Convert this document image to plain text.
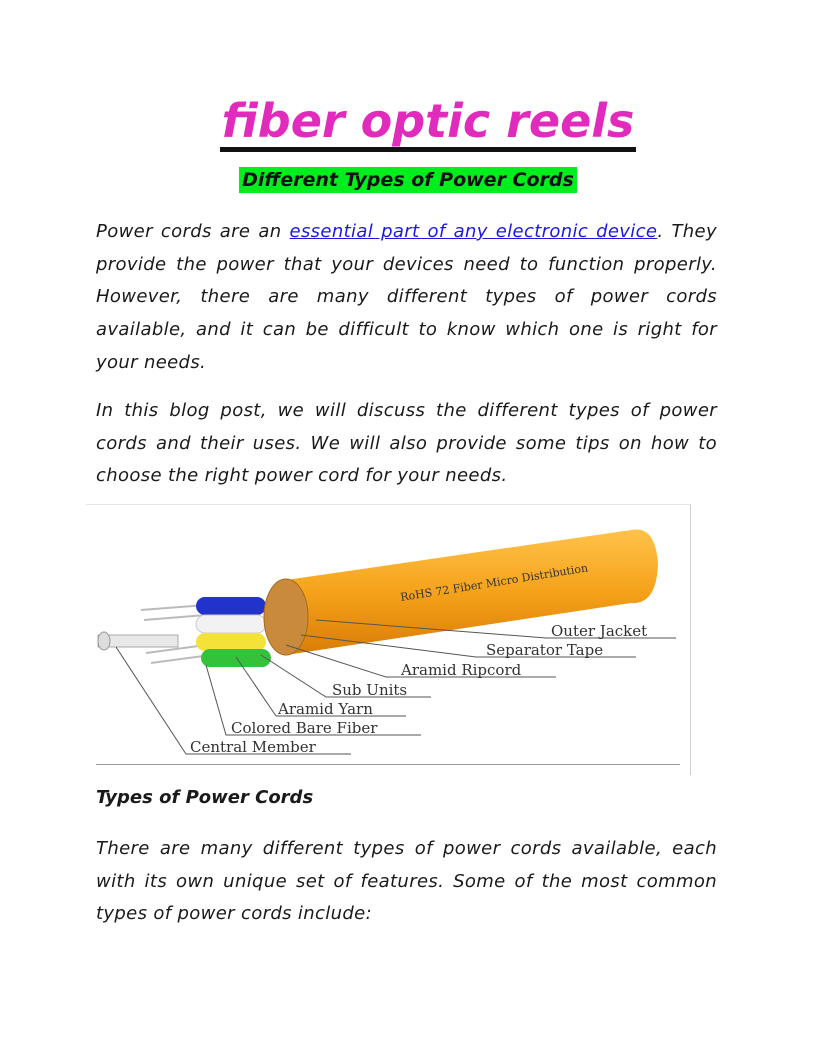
fiber optic reels
Different Types of Power Cords

Power cords are an essential part of any electronic device. They provide the power that your devices need to function properly. However, there are many different types of power cords available, and it can be difficult to know which one is right for your needs.

In this blog post, we will discuss the different types of power cords and their uses. We will also provide some tips on how to choose the right power cord for your needs.

RoHS 72 Fiber Micro Distribution
Outer Jacket
Separator Tape
Aramid Ripcord
Sub Units
Aramid Yarn
Colored Bare Fiber
Central Member
Types of Power Cords

There are many different types of power cords available, each with its own unique set of features. Some of the most common types of power cords include:
